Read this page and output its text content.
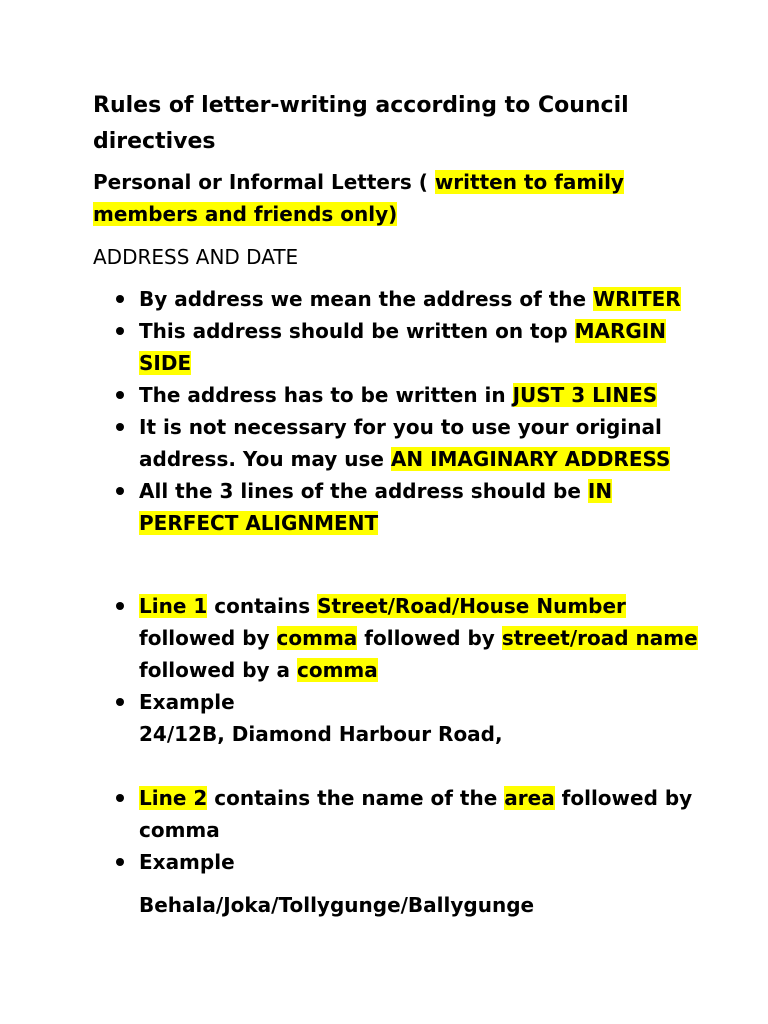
Rules of letter-writing according to Council directives

Personal or Informal Letters ( written to family members and friends only)

ADDRESS AND DATE

By address we mean the address of the WRITER
This address should be written on top MARGIN SIDE
The address has to be written in JUST 3 LINES
It is not necessary for you to use your original address. You may use AN IMAGINARY ADDRESS
All the 3 lines of the address should be IN PERFECT ALIGNMENT
Line 1 contains Street/Road/House Number followed by comma followed by street/road name followed by a comma
Example
24/12B, Diamond Harbour Road,
Line 2 contains the name of the area followed by comma
Example

Behala/Joka/Tollygunge/Ballygunge
